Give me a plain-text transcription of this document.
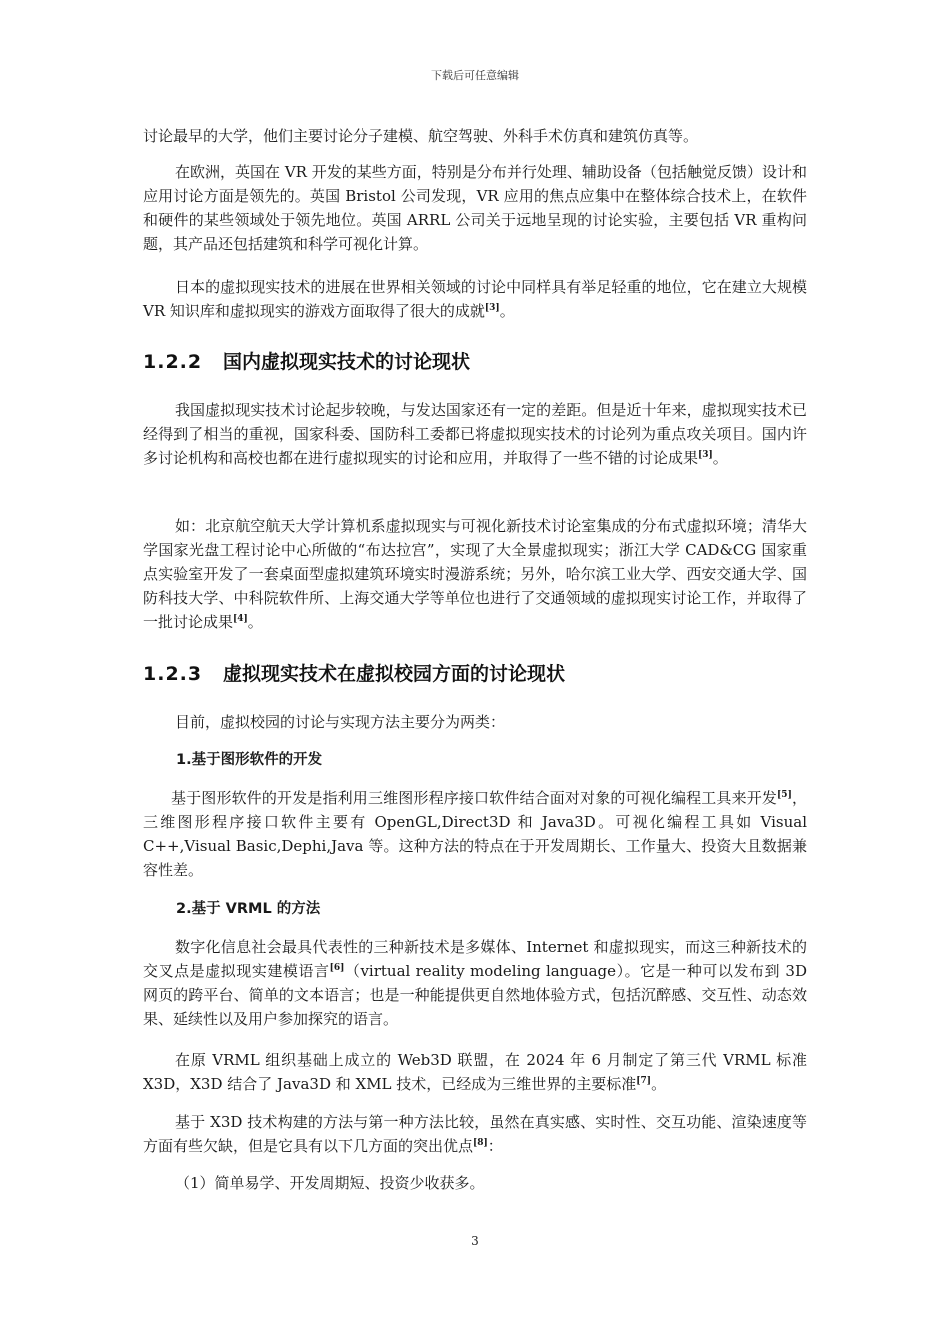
下载后可任意编辑

讨论最早的大学，他们主要讨论分子建模、航空驾驶、外科手术仿真和建筑仿真等。

在欧洲，英国在 VR 开发的某些方面，特别是分布并行处理、辅助设备（包括触觉反馈）设计和应用讨论方面是领先的。英国 Bristol 公司发现，VR 应用的焦点应集中在整体综合技术上，在软件和硬件的某些领域处于领先地位。英国 ARRL 公司关于远地呈现的讨论实验，主要包括 VR 重构问题，其产品还包括建筑和科学可视化计算。

日本的虚拟现实技术的进展在世界相关领域的讨论中同样具有举足轻重的地位，它在建立大规模 VR 知识库和虚拟现实的游戏方面取得了很大的成就[3]。

1.2.2 国内虚拟现实技术的讨论现状

我国虚拟现实技术讨论起步较晚，与发达国家还有一定的差距。但是近十年来，虚拟现实技术已经得到了相当的重视，国家科委、国防科工委都已将虚拟现实技术的讨论列为重点攻关项目。国内许多讨论机构和高校也都在进行虚拟现实的讨论和应用，并取得了一些不错的讨论成果[3]。

如：北京航空航天大学计算机系虚拟现实与可视化新技术讨论室集成的分布式虚拟环境；清华大学国家光盘工程讨论中心所做的“布达拉宫”，实现了大全景虚拟现实；浙江大学 CAD&CG 国家重点实验室开发了一套桌面型虚拟建筑环境实时漫游系统；另外，哈尔滨工业大学、西安交通大学、国防科技大学、中科院软件所、上海交通大学等单位也进行了交通领域的虚拟现实讨论工作，并取得了一批讨论成果[4]。

1.2.3 虚拟现实技术在虚拟校园方面的讨论现状

目前，虚拟校园的讨论与实现方法主要分为两类：

1.基于图形软件的开发

基于图形软件的开发是指利用三维图形程序接口软件结合面对对象的可视化编程工具来开发[5]，三维图形程序接口软件主要有 OpenGL,Direct3D 和 Java3D。可视化编程工具如 Visual C++,Visual Basic,Dephi,Java 等。这种方法的特点在于开发周期长、工作量大、投资大且数据兼容性差。

2.基于 VRML 的方法

数字化信息社会最具代表性的三种新技术是多媒体、Internet 和虚拟现实，而这三种新技术的交叉点是虚拟现实建模语言[6]（virtual reality modeling language）。它是一种可以发布到 3D 网页的跨平台、简单的文本语言；也是一种能提供更自然地体验方式，包括沉醉感、交互性、动态效果、延续性以及用户参加探究的语言。

在原 VRML 组织基础上成立的 Web3D 联盟，在 2024 年 6 月制定了第三代 VRML 标准 X3D，X3D 结合了 Java3D 和 XML 技术，已经成为三维世界的主要标准[7]。

基于 X3D 技术构建的方法与第一种方法比较，虽然在真实感、实时性、交互功能、渲染速度等方面有些欠缺，但是它具有以下几方面的突出优点[8]：

（1）简单易学、开发周期短、投资少收获多。

3
